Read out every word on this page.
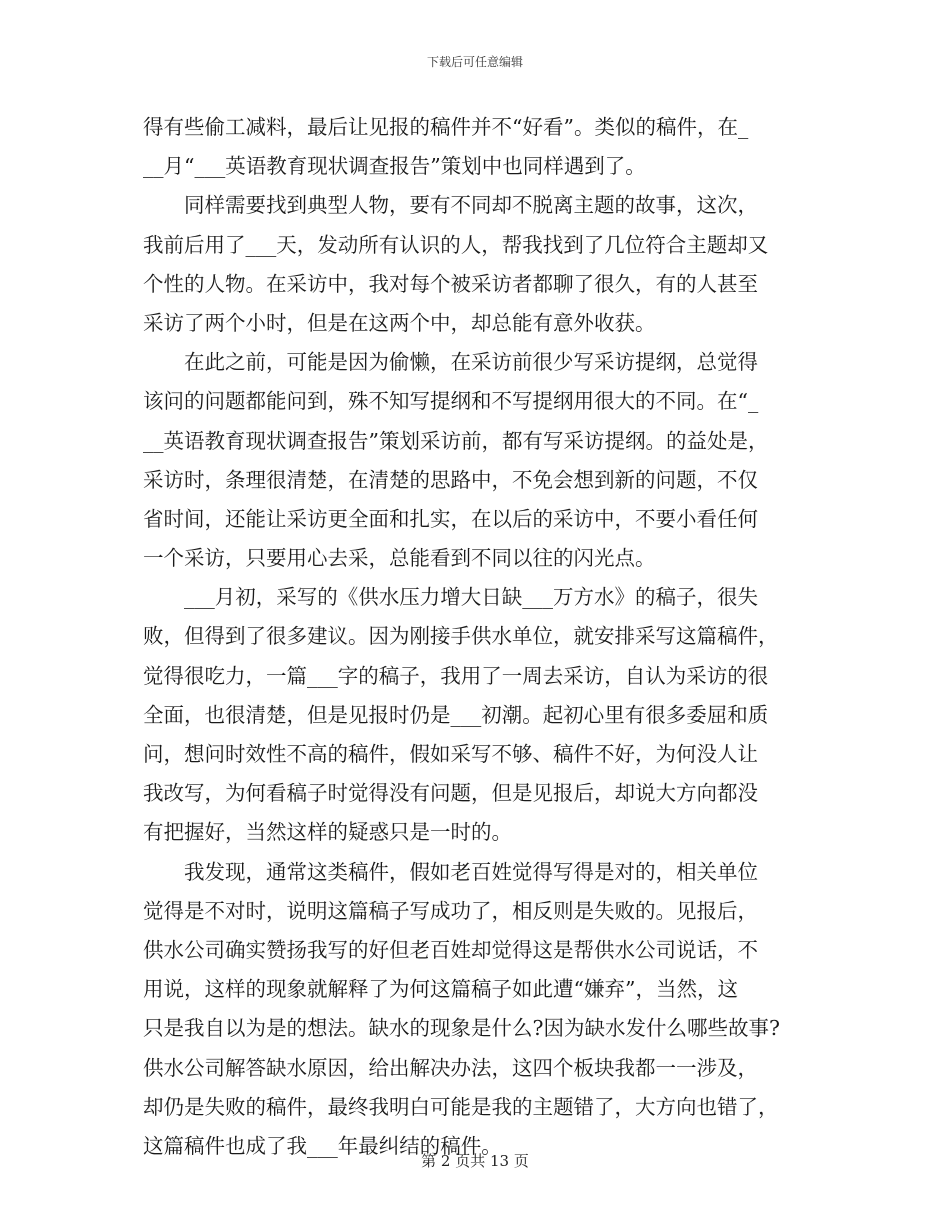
下载后可任意编辑
得有些偷工减料，最后让见报的稿件并不“好看”。类似的稿件，在_
__月“___英语教育现状调查报告”策划中也同样遇到了。
　　同样需要找到典型人物，要有不同却不脱离主题的故事，这次，
我前后用了___天，发动所有认识的人，帮我找到了几位符合主题却又
个性的人物。在采访中，我对每个被采访者都聊了很久，有的人甚至
采访了两个小时，但是在这两个中，却总能有意外收获。
　　在此之前，可能是因为偷懒，在采访前很少写采访提纲，总觉得
该问的问题都能问到，殊不知写提纲和不写提纲用很大的不同。在“_
__英语教育现状调查报告”策划采访前，都有写采访提纲。的益处是，
采访时，条理很清楚，在清楚的思路中，不免会想到新的问题，不仅
省时间，还能让采访更全面和扎实，在以后的采访中，不要小看任何
一个采访，只要用心去采，总能看到不同以往的闪光点。
　　___月初，采写的《供水压力增大日缺___万方水》的稿子，很失
败，但得到了很多建议。因为刚接手供水单位，就安排采写这篇稿件，
觉得很吃力，一篇___字的稿子，我用了一周去采访，自认为采访的很
全面，也很清楚，但是见报时仍是___初潮。起初心里有很多委屈和质
问，想问时效性不高的稿件，假如采写不够、稿件不好，为何没人让
我改写，为何看稿子时觉得没有问题，但是见报后，却说大方向都没
有把握好，当然这样的疑惑只是一时的。
　　我发现，通常这类稿件，假如老百姓觉得写得是对的，相关单位
觉得是不对时，说明这篇稿子写成功了，相反则是失败的。见报后，
供水公司确实赞扬我写的好但老百姓却觉得这是帮供水公司说话，不
用说，这样的现象就解释了为何这篇稿子如此遭“嫌弃”，当然，这
只是我自以为是的想法。缺水的现象是什么?因为缺水发什么哪些故事?
供水公司解答缺水原因，给出解决办法，这四个板块我都一一涉及，
却仍是失败的稿件，最终我明白可能是我的主题错了，大方向也错了，
这篇稿件也成了我___年最纠结的稿件。
第 2 页共 13 页
